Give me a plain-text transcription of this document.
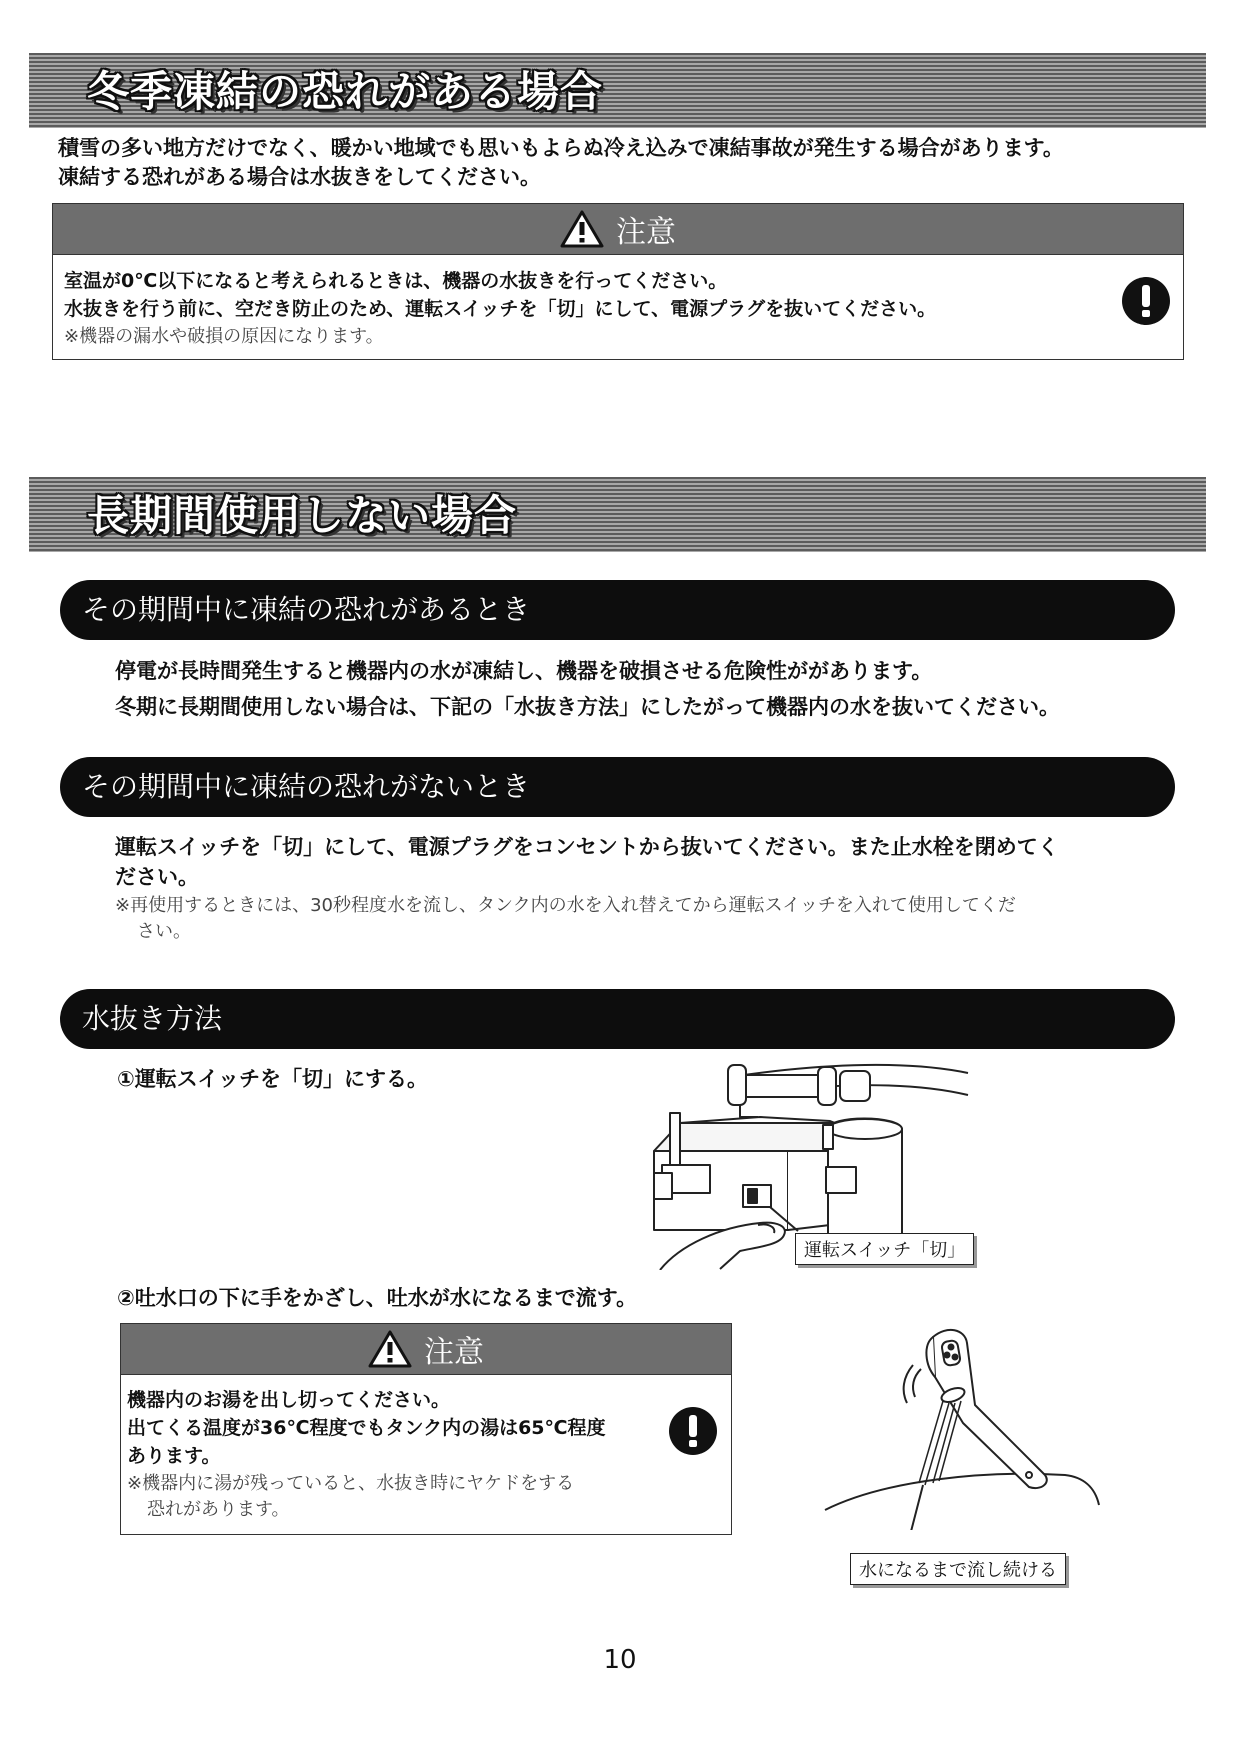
冬季凍結の恐れがある場合
積雪の多い地方だけでなく、暖かい地域でも思いもよらぬ冷え込みで凍結事故が発生する場合があります。
凍結する恐れがある場合は水抜きをしてください。
注意
室温が0℃以下になると考えられるときは、機器の水抜きを行ってください。
水抜きを行う前に、空だき防止のため、運転スイッチを「切」にして、電源プラグを抜いてください。
※機器の漏水や破損の原因になります。
長期間使用しない場合
その期間中に凍結の恐れがあるとき
停電が長時間発生すると機器内の水が凍結し、機器を破損させる危険性ががあります。
冬期に長期間使用しない場合は、下記の「水抜き方法」にしたがって機器内の水を抜いてください。
その期間中に凍結の恐れがないとき
運転スイッチを「切」にして、電源プラグをコンセントから抜いてください。また止水栓を閉めてく
ださい。
※再使用するときには、30秒程度水を流し、タンク内の水を入れ替えてから運転スイッチを入れて使用してくだ
さい。
水抜き方法
①運転スイッチを「切」にする。
運転スイッチ「切」
②吐水口の下に手をかざし、吐水が水になるまで流す。
注意
機器内のお湯を出し切ってください。
出てくる温度が36℃程度でもタンク内の湯は65℃程度
あります。
※機器内に湯が残っていると、水抜き時にヤケドをする
恐れがあります。
水になるまで流し続ける
10
